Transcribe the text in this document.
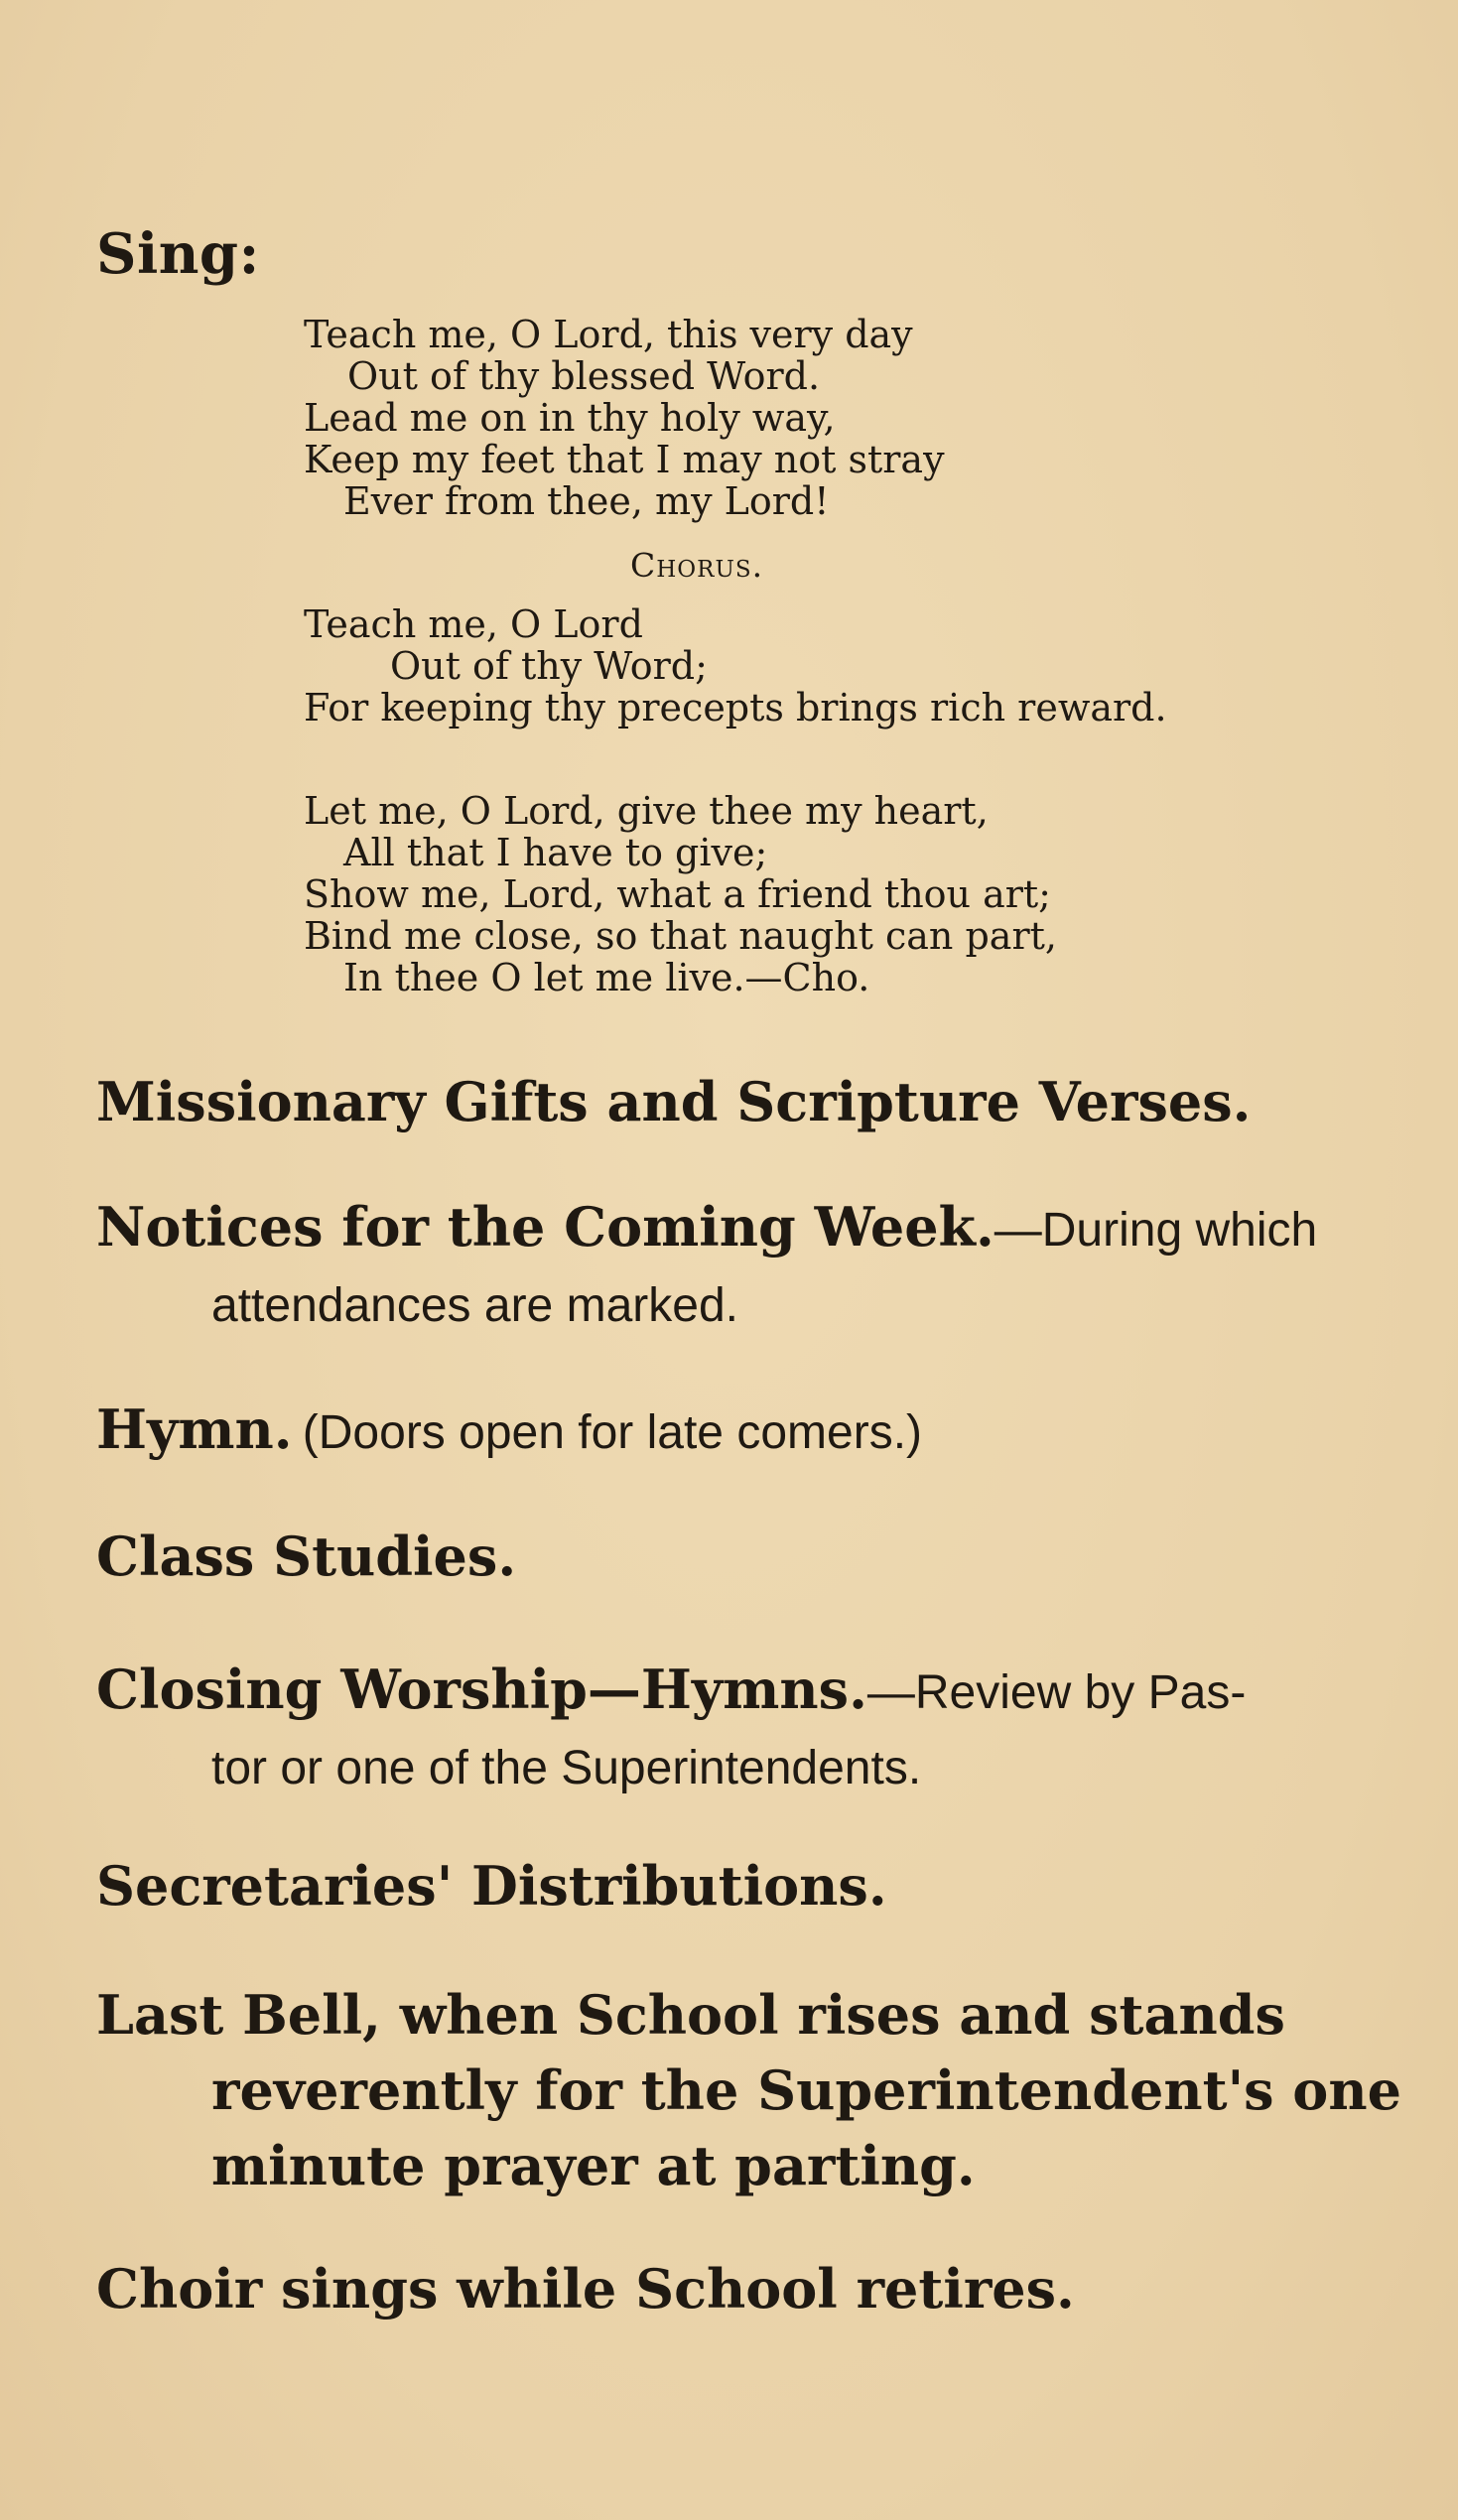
Sing:
Teach me, O Lord, this very day
Out of thy blessed Word.
Lead me on in thy holy way,
Keep my feet that I may not stray
Ever from thee, my Lord!
Chorus.
Teach me, O Lord
Out of thy Word;
For keeping thy precepts brings rich reward.
Let me, O Lord, give thee my heart,
All that I have to give;
Show me, Lord, what a friend thou art;
Bind me close, so that naught can part,
In thee O let me live.—Cho.
Missionary Gifts and Scripture Verses.
Notices for the Coming Week.—During which
attendances are marked.
Hymn. (Doors open for late comers.)
Class Studies.
Closing Worship—Hymns.—Review by Pas-
tor or one of the Superintendents.
Secretaries' Distributions.
Last Bell, when School rises and stands
reverently for the Superintendent's one
minute prayer at parting.
Choir sings while School retires.
